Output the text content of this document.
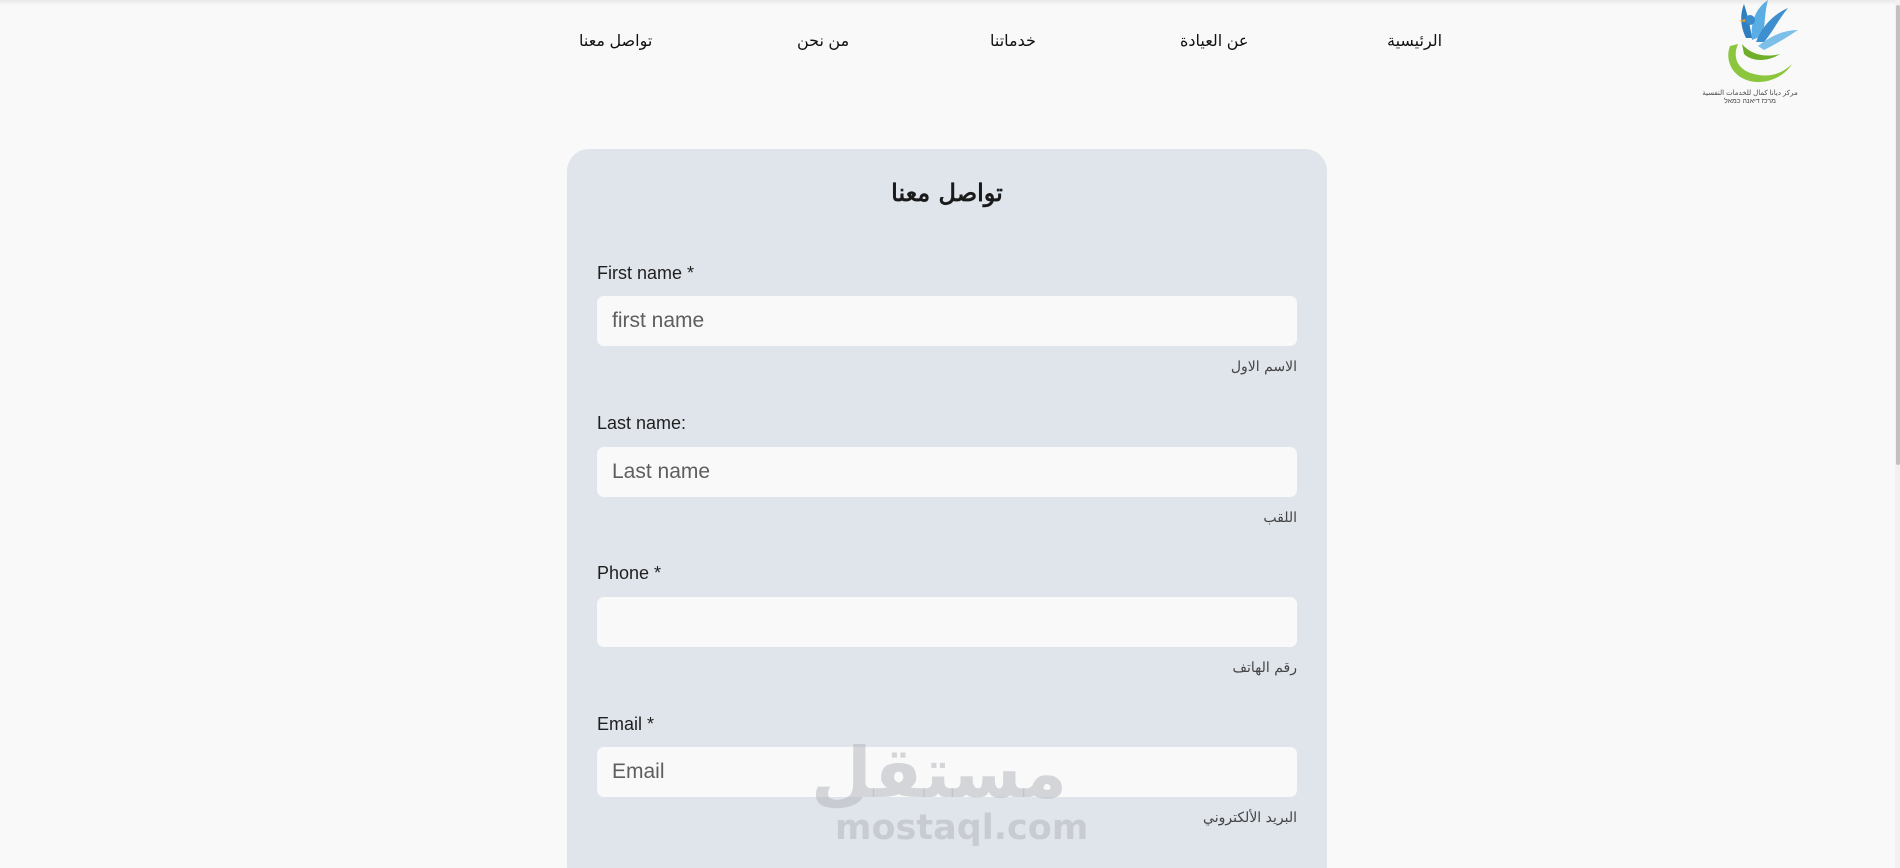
الرئيسية
عن العيادة
خدماتنا
من نحن
تواصل معنا
مركز ديانا كمال للخدمات النفسية
מרכז דיאנה כמאל
تواصل معنا
First name *
first name
الاسم الاول
Last name:
Last name
اللقب
Phone *
رقم الهاتف
Email *
Email
البريد الألكتروني
مستقل
mostaql.com
